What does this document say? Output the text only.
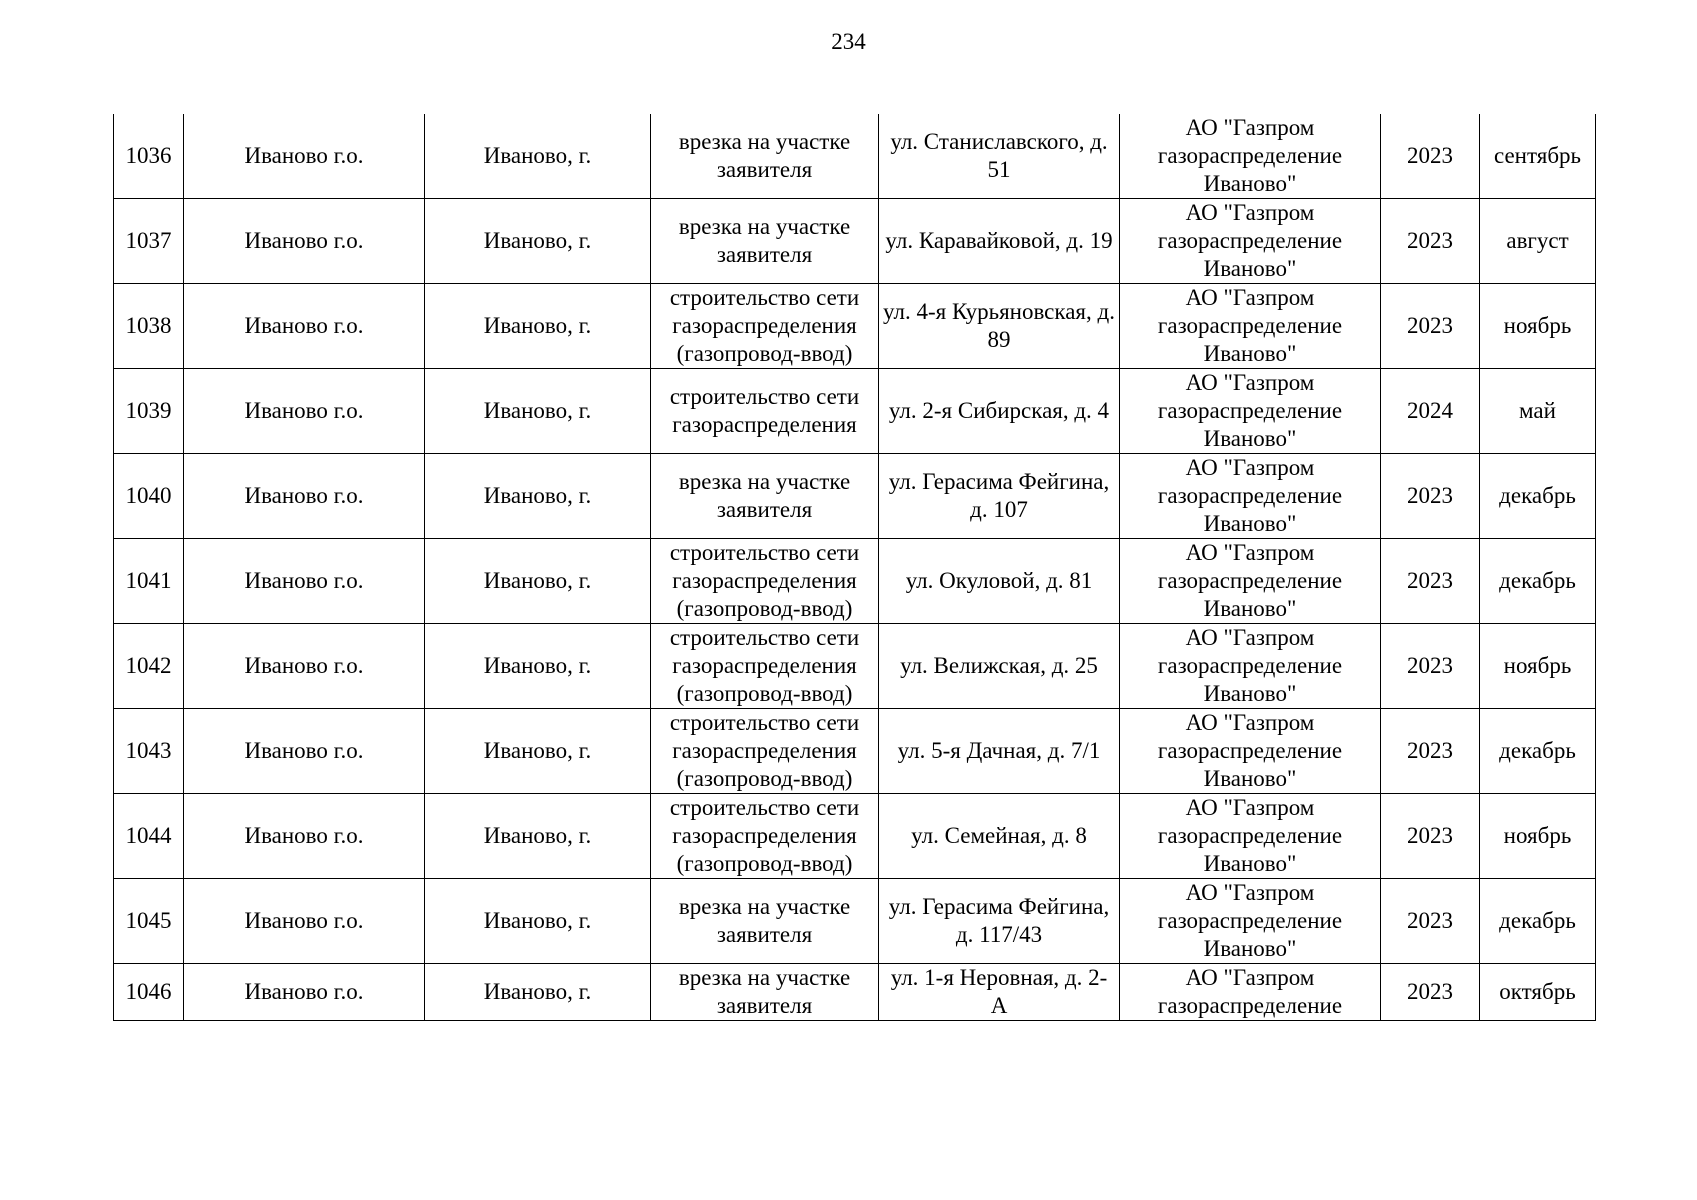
234
1036	Иваново г.о.	Иваново, г.	врезка на участке заявителя	ул. Станиславского, д. 51	АО "Газпром газораспределение Иваново"	2023	сентябрь
1037	Иваново г.о.	Иваново, г.	врезка на участке заявителя	ул. Каравайковой, д. 19	АО "Газпром газораспределение Иваново"	2023	август
1038	Иваново г.о.	Иваново, г.	строительство сети газораспределения (газопровод-ввод)	ул. 4-я Курьяновская, д. 89	АО "Газпром газораспределение Иваново"	2023	ноябрь
1039	Иваново г.о.	Иваново, г.	строительство сети газораспределения	ул. 2-я Сибирская, д. 4	АО "Газпром газораспределение Иваново"	2024	май
1040	Иваново г.о.	Иваново, г.	врезка на участке заявителя	ул. Герасима Фейгина, д. 107	АО "Газпром газораспределение Иваново"	2023	декабрь
1041	Иваново г.о.	Иваново, г.	строительство сети газораспределения (газопровод-ввод)	ул. Окуловой, д. 81	АО "Газпром газораспределение Иваново"	2023	декабрь
1042	Иваново г.о.	Иваново, г.	строительство сети газораспределения (газопровод-ввод)	ул. Велижская, д. 25	АО "Газпром газораспределение Иваново"	2023	ноябрь
1043	Иваново г.о.	Иваново, г.	строительство сети газораспределения (газопровод-ввод)	ул. 5-я Дачная, д. 7/1	АО "Газпром газораспределение Иваново"	2023	декабрь
1044	Иваново г.о.	Иваново, г.	строительство сети газораспределения (газопровод-ввод)	ул. Семейная, д. 8	АО "Газпром газораспределение Иваново"	2023	ноябрь
1045	Иваново г.о.	Иваново, г.	врезка на участке заявителя	ул. Герасима Фейгина, д. 117/43	АО "Газпром газораспределение Иваново"	2023	декабрь
1046	Иваново г.о.	Иваново, г.	врезка на участке заявителя	ул. 1-я Неровная, д. 2-А	АО "Газпром газораспределение	2023	октябрь
